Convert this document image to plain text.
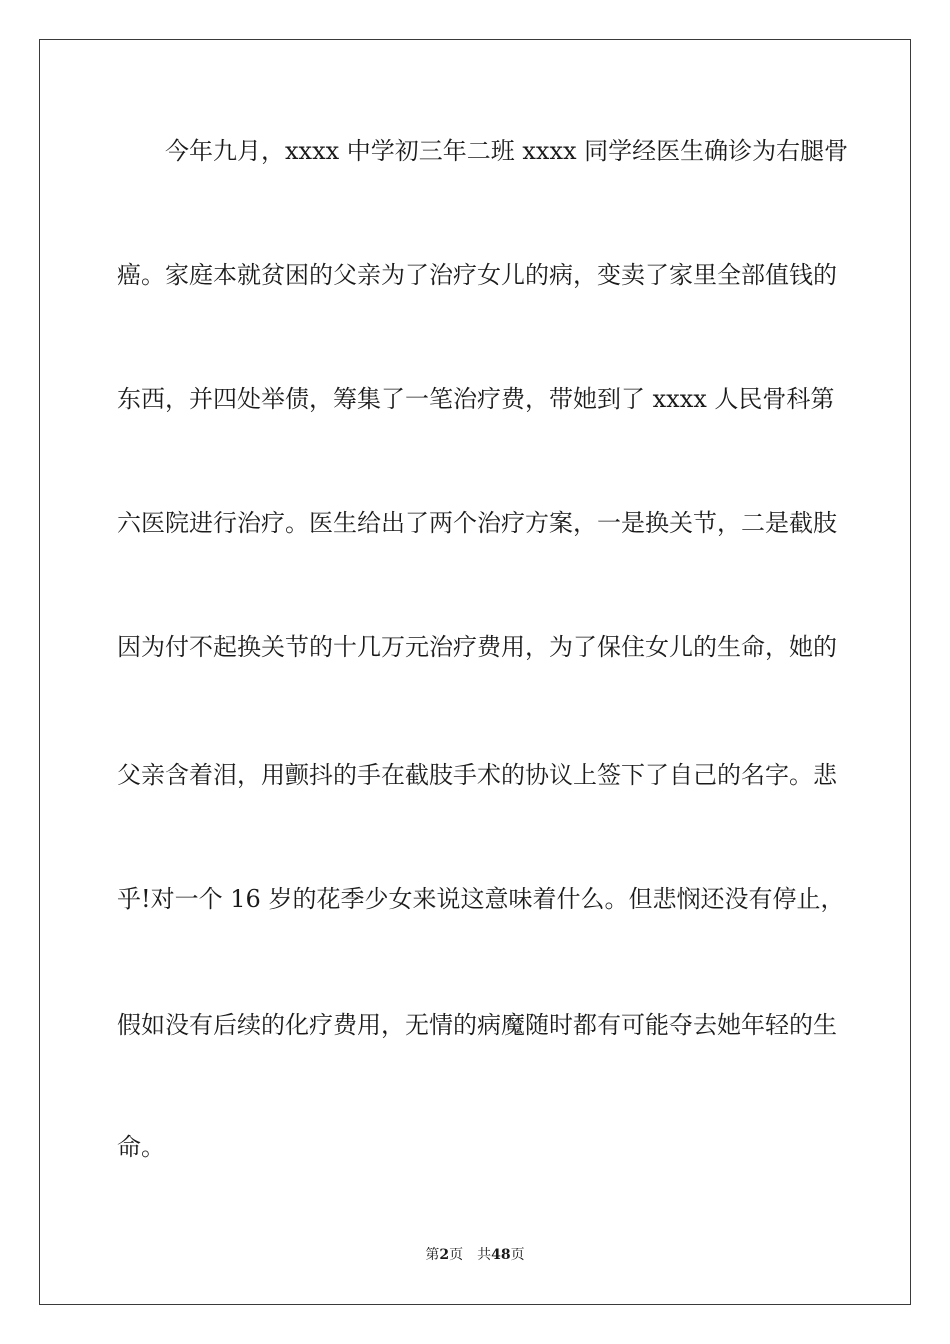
今年九月，xxxx 中学初三年二班 xxxx 同学经医生确诊为右腿骨
癌。家庭本就贫困的父亲为了治疗女儿的病，变卖了家里全部值钱的
东西，并四处举债，筹集了一笔治疗费，带她到了 xxxx 人民骨科第
六医院进行治疗。医生给出了两个治疗方案，一是换关节，二是截肢
因为付不起换关节的十几万元治疗费用，为了保住女儿的生命，她的
父亲含着泪，用颤抖的手在截肢手术的协议上签下了自己的名字。悲
乎!对一个 16 岁的花季少女来说这意味着什么。但悲悯还没有停止，
假如没有后续的化疗费用，无情的病魔随时都有可能夺去她年轻的生
命。
第2页 共48页
